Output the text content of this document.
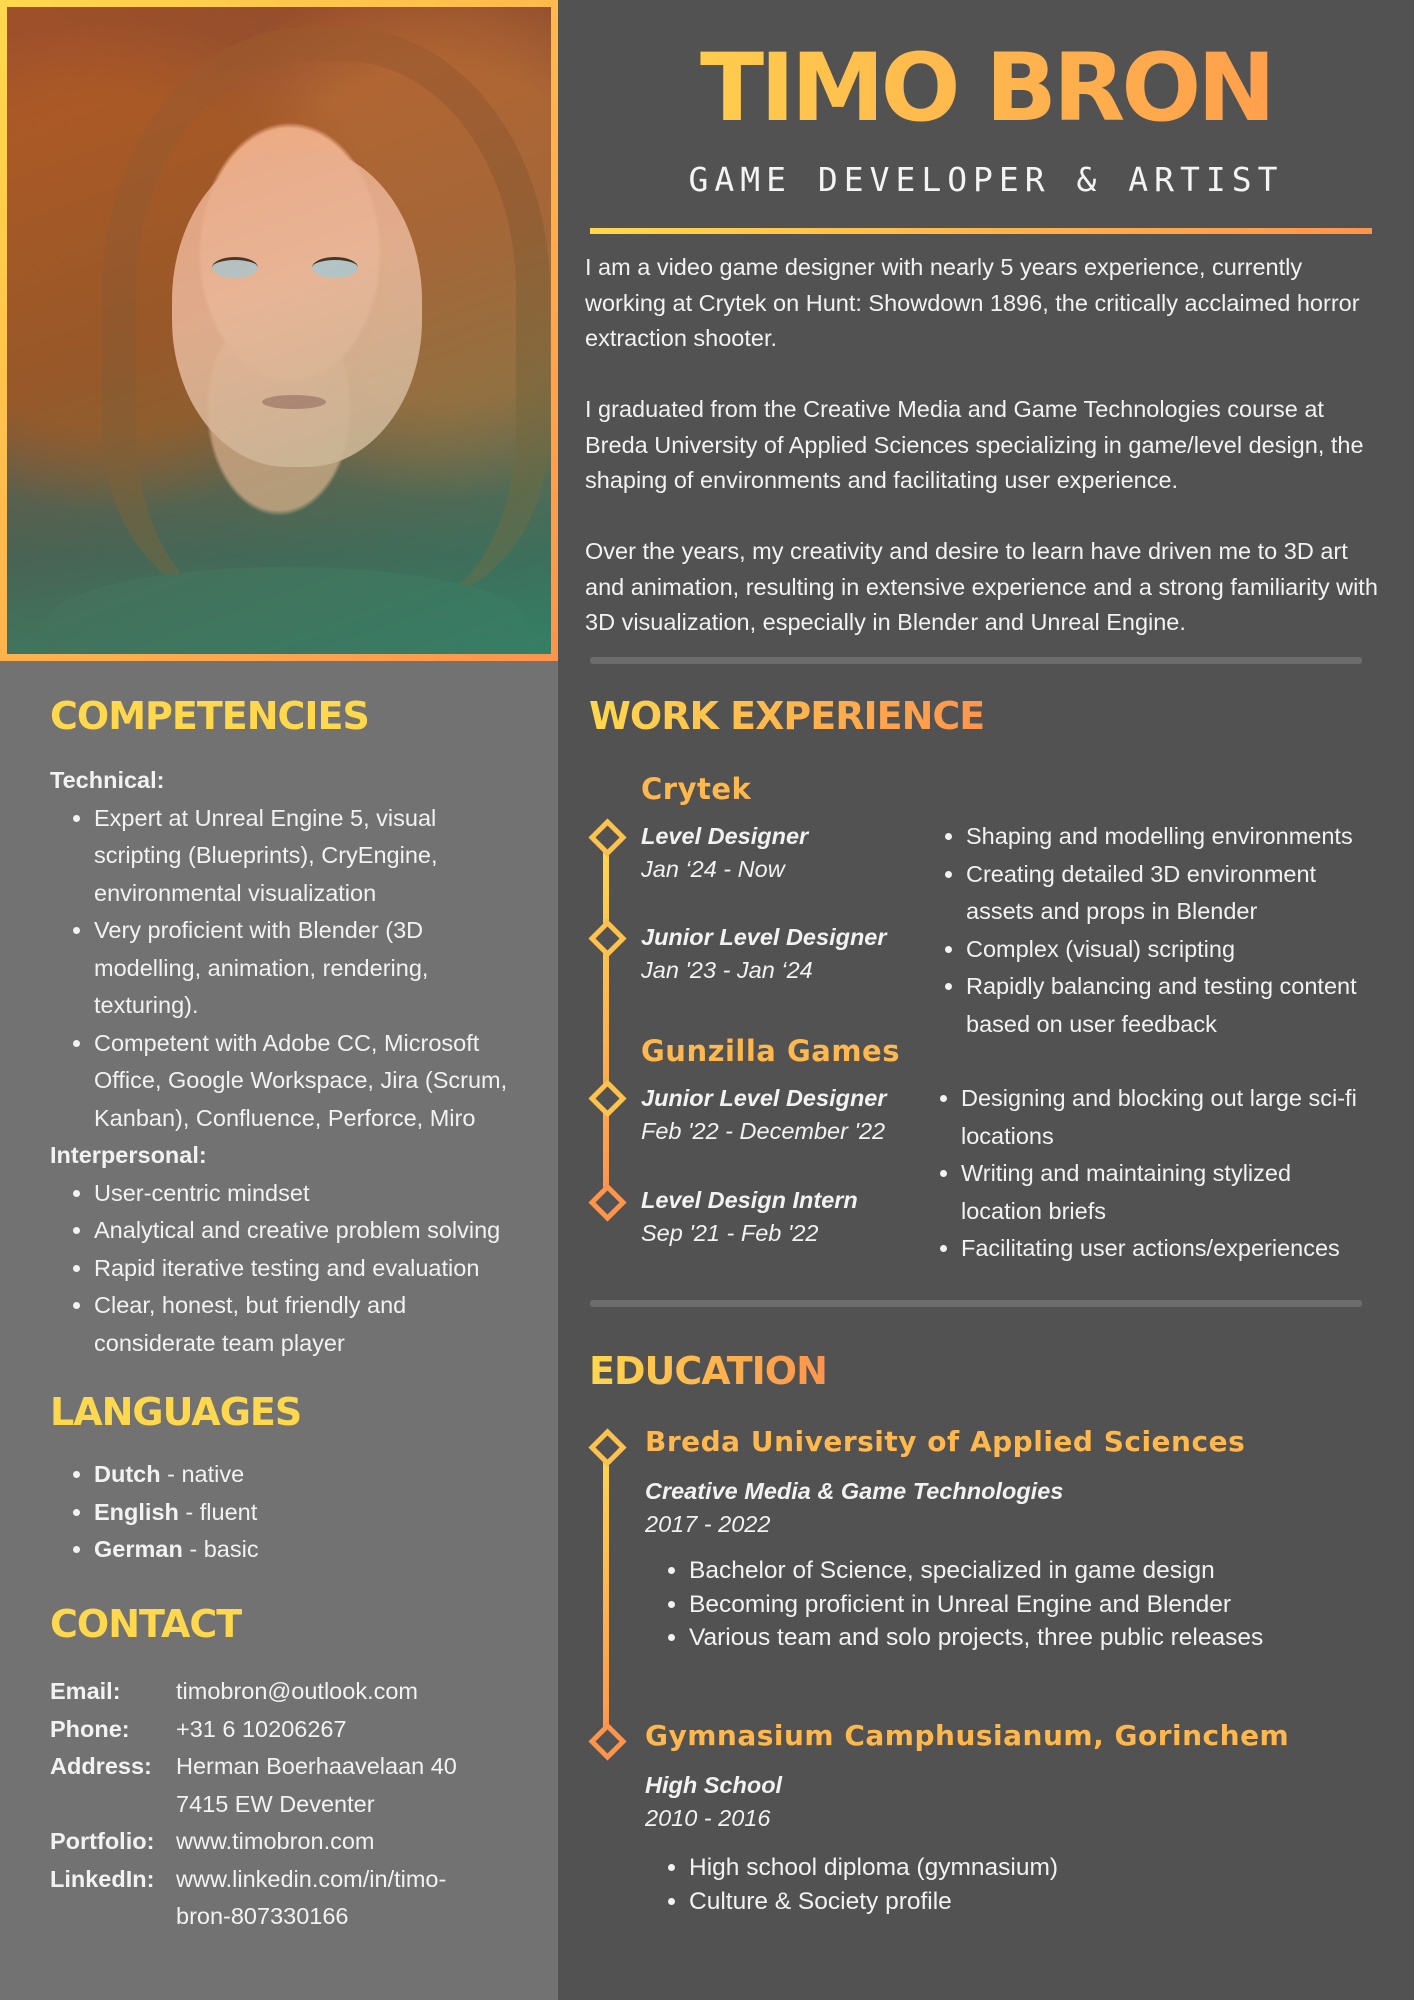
TIMO BRON
GAME DEVELOPER & ARTIST

I am a video game designer with nearly 5 years experience, currently working at Crytek on Hunt: Showdown 1896, the critically acclaimed horror extraction shooter.

I graduated from the Creative Media and Game Technologies course at Breda University of Applied Sciences specializing in game/level design, the shaping of environments and facilitating user experience.

Over the years, my creativity and desire to learn have driven me to 3D art and animation, resulting in extensive experience and a strong familiarity with 3D visualization, especially in Blender and Unreal Engine.

COMPETENCIES
Technical:
• Expert at Unreal Engine 5, visual scripting (Blueprints), CryEngine, environmental visualization
• Very proficient with Blender (3D modelling, animation, rendering, texturing).
• Competent with Adobe CC, Microsoft Office, Google Workspace, Jira (Scrum, Kanban), Confluence, Perforce, Miro
Interpersonal:
• User-centric mindset
• Analytical and creative problem solving
• Rapid iterative testing and evaluation
• Clear, honest, but friendly and considerate team player
LANGUAGES
• Dutch - native
• English - fluent
• German - basic
CONTACT
Email:	timobron@outlook.com
Phone:	+31 6 10206267
Address:	Herman Boerhaavelaan 40
7415 EW Deventer
Portfolio: www.timobron.com
LinkedIn: www.linkedin.com/in/timo-
bron-807330166
WORK EXPERIENCE
Crytek
Level Designer
Jan ‘24 - Now
Junior Level Designer
Jan '23 - Jan ‘24
• Shaping and modelling environments
• Creating detailed 3D environment assets and props in Blender
• Complex (visual) scripting
• Rapidly balancing and testing content based on user feedback
Gunzilla Games
Junior Level Designer
Feb '22 - December '22
Level Design Intern
Sep '21 - Feb '22
• Designing and blocking out large sci-fi locations
• Writing and maintaining stylized location briefs
• Facilitating user actions/experiences
EDUCATION
Breda University of Applied Sciences
Creative Media & Game Technologies
2017 - 2022
• Bachelor of Science, specialized in game design
• Becoming proficient in Unreal Engine and Blender
• Various team and solo projects, three public releases
Gymnasium Camphusianum, Gorinchem
High School
2010 - 2016
• High school diploma (gymnasium)
• Culture & Society profile
